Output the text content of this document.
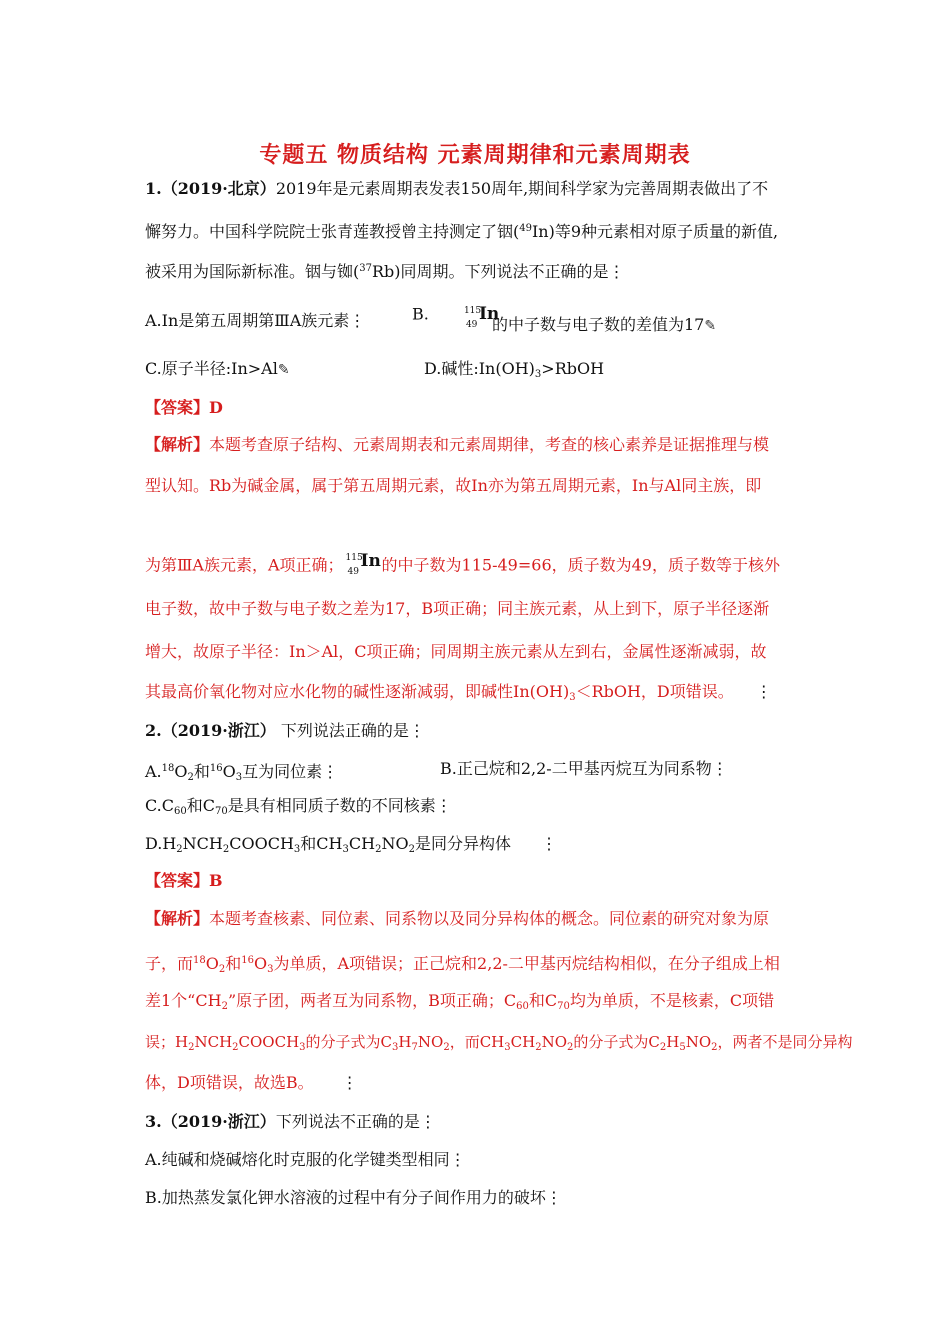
专题五 物质结构 元素周期律和元素周期表
1.（2019·北京）2019年是元素周期表发表150周年,期间科学家为完善周期表做出了不
懈努力。中国科学院院士张青莲教授曾主持测定了铟($^{49}$In)等9种元素相对原子质量的新值,
被采用为国际新标准。铟与铷($^{37}$Rb)同周期。下列说法不正确的是⋮
A.In是第五周期第ⅢA族元素⋮	B.	115
49
In
的中子数与电子数的差值为17✎
C.原子半径:In>Al✎	D.碱性$:In(OH)_3>RbOH$
【答案】D
【解析】本题考查原子结构、元素周期表和元素周期律，考查的核心素养是证据推理与模
型认知。Rb为碱金属，属于第五周期元素，故In亦为第五周期元素，In与Al同主族，即
为第ⅢA族元素，A项正确； 115
49
In 的中子数为115-49=66，质子数为49，质子数等于核外
电子数，故中子数与电子数之差为17，B项正确；同主族元素，从上到下，原子半径逐渐
增大，故原子半径：In＞Al，C项正确；同周期主族元素从左到右，金属性逐渐减弱，故
其最高价氧化物对应水化物的碱性逐渐减弱，即碱性$In(OH)_3<RbOH$，D项错误。 ⋮
2.（2019·浙江） 下列说法正确的是⋮
$A.^{18}O_2$和$^{16}O_3$互为同位素⋮	B.正己烷和2,2-二甲基丙烷互为同系物⋮
$C.C_{60}$和$C_{70}$是具有相同质子数的不同核素⋮
$D.H_2NCH_2COOCH_3$和$CH_3CH_2NO_2$是同分异构体 ⋮
【答案】B
【解析】本题考查核素、同位素、同系物以及同分异构体的概念。同位素的研究对象为原
子，而$^{18}O_2$和$^{16}O_3$为单质，A项错误；正己烷和2,2-二甲基丙烷结构相似，在分子组成上相
差1个“$CH_2$”原子团，两者互为同系物，B项正确；$C_{60}$和$C_{70}$均为单质，不是核素，C项错
误；$H_2NCH_2COOCH_3$的分子式为$C_3H_7NO_2$，而$CH_3CH_2NO_2$的分子式为$C_2H_5NO_2$，两者不是同分异构
体，D项错误，故选B。 ⋮
3.（2019·浙江）下列说法不正确的是⋮
A.纯碱和烧碱熔化时克服的化学键类型相同⋮
B.加热蒸发氯化钾水溶液的过程中有分子间作用力的破坏⋮
